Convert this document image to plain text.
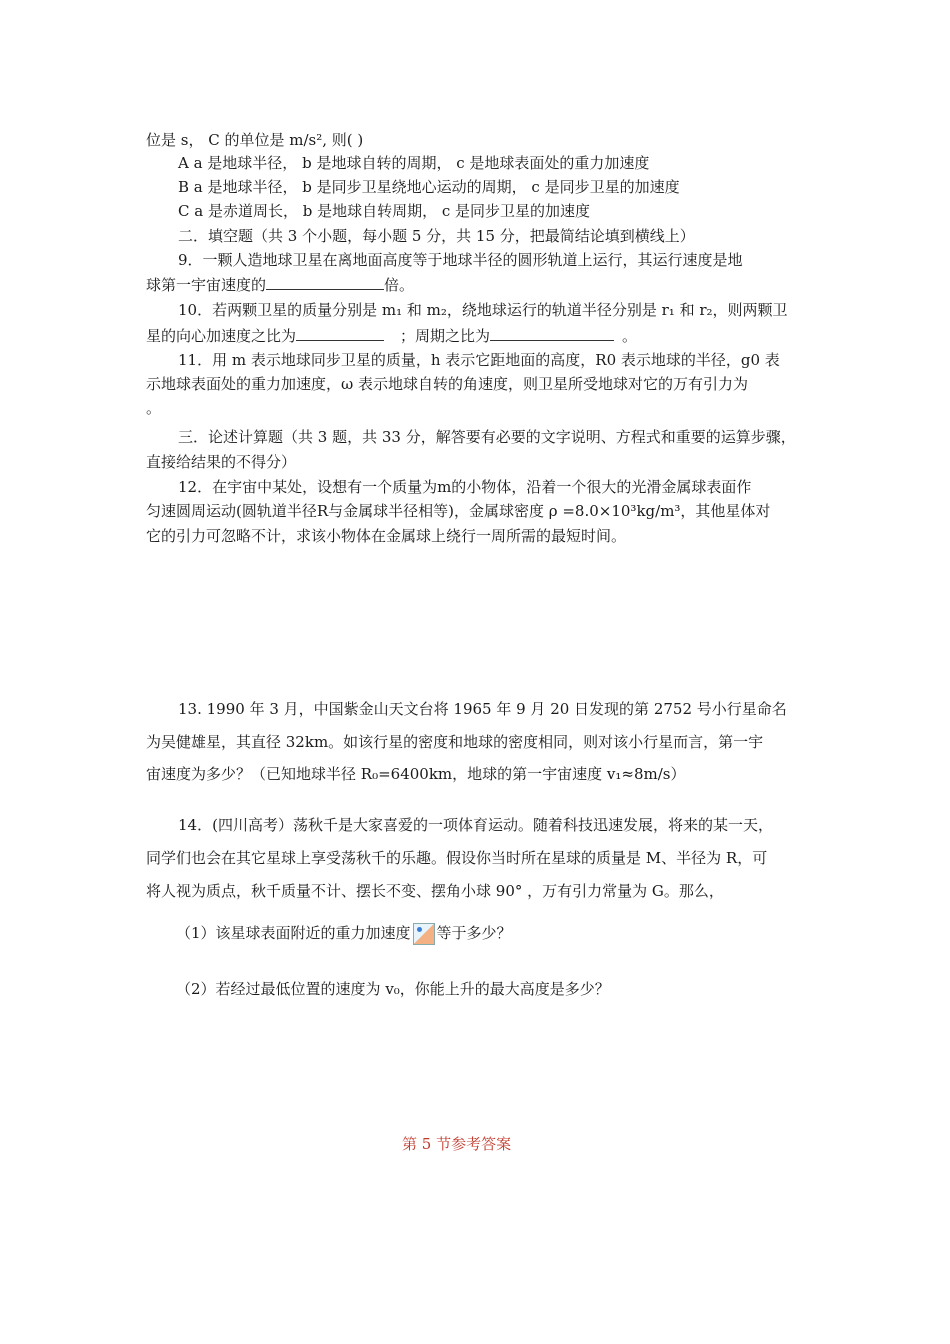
位是 s， C 的单位是 m/s², 则( )
A a 是地球半径， b 是地球自转的周期， c 是地球表面处的重力加速度
B a 是地球半径， b 是同步卫星绕地心运动的周期， c 是同步卫星的加速度
C a 是赤道周长， b 是地球自转周期， c 是同步卫星的加速度
二．填空题（共 3 个小题，每小题 5 分，共 15 分，把最简结论填到横线上）
9．一颗人造地球卫星在离地面高度等于地球半径的圆形轨道上运行，其运行速度是地
球第一宇宙速度的	倍。
10．若两颗卫星的质量分别是 m₁ 和 m₂，绕地球运行的轨道半径分别是 r₁ 和 r₂，则两颗卫
星的向心加速度之比为	；周期之比为	。
11．用 m 表示地球同步卫星的质量，h 表示它距地面的高度，R0 表示地球的半径，g0 表
示地球表面处的重力加速度，ω 表示地球自转的角速度，则卫星所受地球对它的万有引力为
。
三．论述计算题（共 3 题，共 33 分，解答要有必要的文字说明、方程式和重要的运算步骤，
直接给结果的不得分）
12．在宇宙中某处，设想有一个质量为m的小物体，沿着一个很大的光滑金属球表面作
匀速圆周运动(圆轨道半径R与金属球半径相等)，金属球密度 ρ =8.0×10³kg/m³，其他星体对
它的引力可忽略不计，求该小物体在金属球上绕行一周所需的最短时间。
13. 1990 年 3 月，中国紫金山天文台将 1965 年 9 月 20 日发现的第 2752 号小行星命名
为吴健雄星，其直径 32km。如该行星的密度和地球的密度相同，则对该小行星而言，第一宇
宙速度为多少？（已知地球半径 R₀=6400km，地球的第一宇宙速度 v₁≈8m/s）
14．(四川高考）荡秋千是大家喜爱的一项体育运动。随着科技迅速发展，将来的某一天，
同学们也会在其它星球上享受荡秋千的乐趣。假设你当时所在星球的质量是 M、半径为 R，可
将人视为质点，秋千质量不计、摆长不变、摆角小球 90° ，万有引力常量为 G。那么，
（1）该星球表面附近的重力加速度 等于多少？
（2）若经过最低位置的速度为 v₀，你能上升的最大高度是多少？
第 5 节参考答案
